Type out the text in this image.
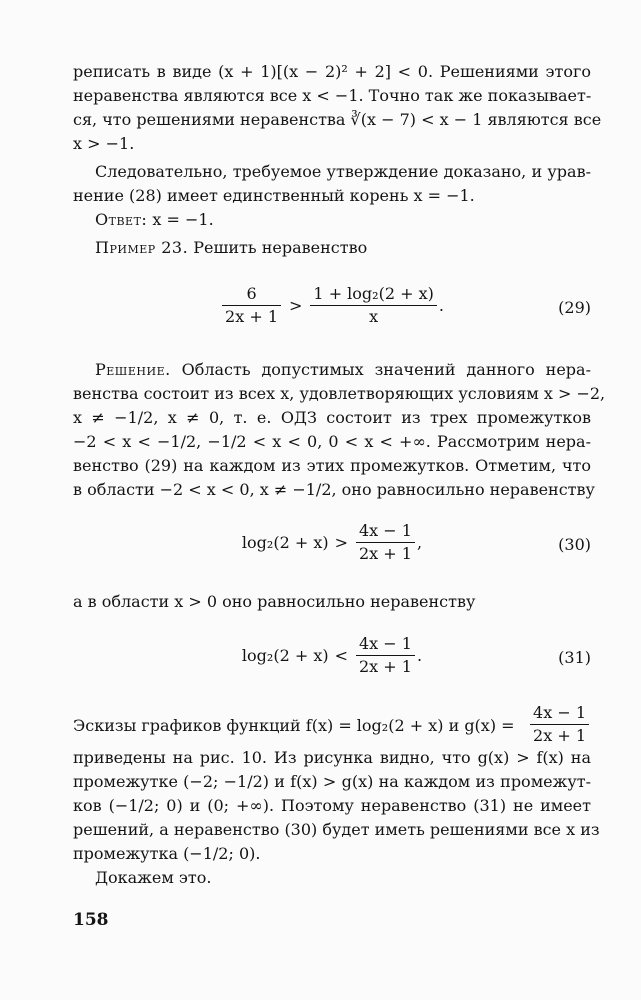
реписать в виде (x + 1)[(x − 2)² + 2] < 0. Решениями этого
неравенства являются все x < −1. Точно так же показывает-
ся, что решениями неравенства ∛(x − 7) < x − 1 являются все
x > −1.
Следовательно, требуемое утверждение доказано, и урав-
нение (28) имеет единственный корень x = −1.
Ответ: x = −1.
Пример 23. Решить неравенство
$\frac{6}{2x + 1} > \frac{\text{1 + log₂(2 + x)}}{x}$ .	(29)
Решение. Область допустимых значений данного нера-
венства состоит из всех x, удовлетворяющих условиям x > −2,
x ≠ −1/2, x ≠ 0, т. е. ОДЗ состоит из трех промежутков
−2 < x < −1/2, −1/2 < x < 0, 0 < x < +∞. Рассмотрим нера-
венство (29) на каждом из этих промежутков. Отметим, что
в области −2 < x < 0, x ≠ −1/2, оно равносильно неравенству
$\log_2(2 + x) > \frac{4x - 1}{2x + 1}$ ,	(30)
а в области x > 0 оно равносильно неравенству
$\log_2(2 + x) < \frac{4x - 1}{2x + 1}$ .	(31)
Эскизы графиков функций f(x) = log₂(2 + x) и $g(x) = \frac{4x - 1}{2x + 1}$
приведены на рис. 10. Из рисунка видно, что g(x) > f(x) на
промежутке (−2; −1/2) и f(x) > g(x) на каждом из промежут-
ков (−1/2; 0) и (0; +∞). Поэтому неравенство (31) не имеет
решений, а неравенство (30) будет иметь решениями все x из
промежутка (−1/2; 0).
Докажем это.
158
